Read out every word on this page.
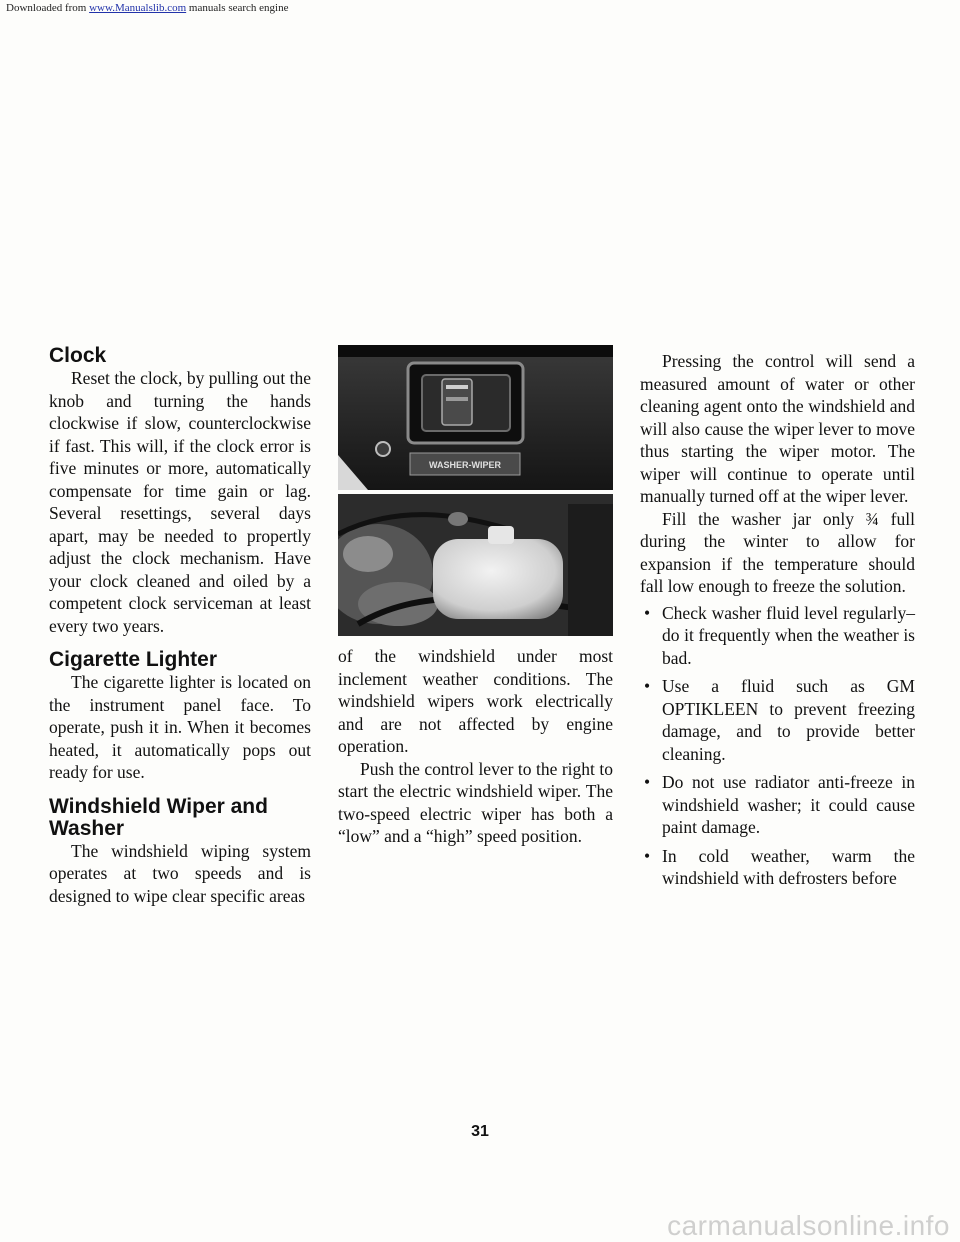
Downloaded from www.Manualslib.com manuals search engine
Clock

Reset the clock, by pulling out the knob and turning the hands clockwise if slow, counterclockwise if fast. This will, if the clock error is five minutes or more, automatically compensate for time gain or lag. Several resettings, several days apart, may be needed to propertly adjust the clock mechanism. Have your clock cleaned and oiled by a competent clock serviceman at least every two years.

Cigarette Lighter

The cigarette lighter is located on the instrument panel face. To operate, push it in. When it becomes heated, it automatically pops out ready for use.

Windshield Wiper and
Washer

The windshield wiping system operates at two speeds and is designed to wipe clear specific areas

WASHER-WIPER

of the windshield under most inclement weather conditions. The windshield wipers work electrically and are not affected by engine operation.

Push the control lever to the right to start the electric windshield wiper. The two-speed electric wiper has both a “low” and a “high” speed position.

Pressing the control will send a measured amount of water or other cleaning agent onto the windshield and will also cause the wiper lever to move thus starting the wiper motor. The wiper will continue to operate until manually turned off at the wiper lever.

Fill the washer jar only ¾ full during the winter to allow for expansion if the temperature should fall low enough to freeze the solution.

• Check washer fluid level regularly–do it frequently when the weather is bad.
• Use a fluid such as GM OPTIKLEEN to prevent freezing damage, and to provide better cleaning.
• Do not use radiator anti-freeze in windshield washer; it could cause paint damage.
• In cold weather, warm the windshield with defrosters before
31
carmanualsonline.info
